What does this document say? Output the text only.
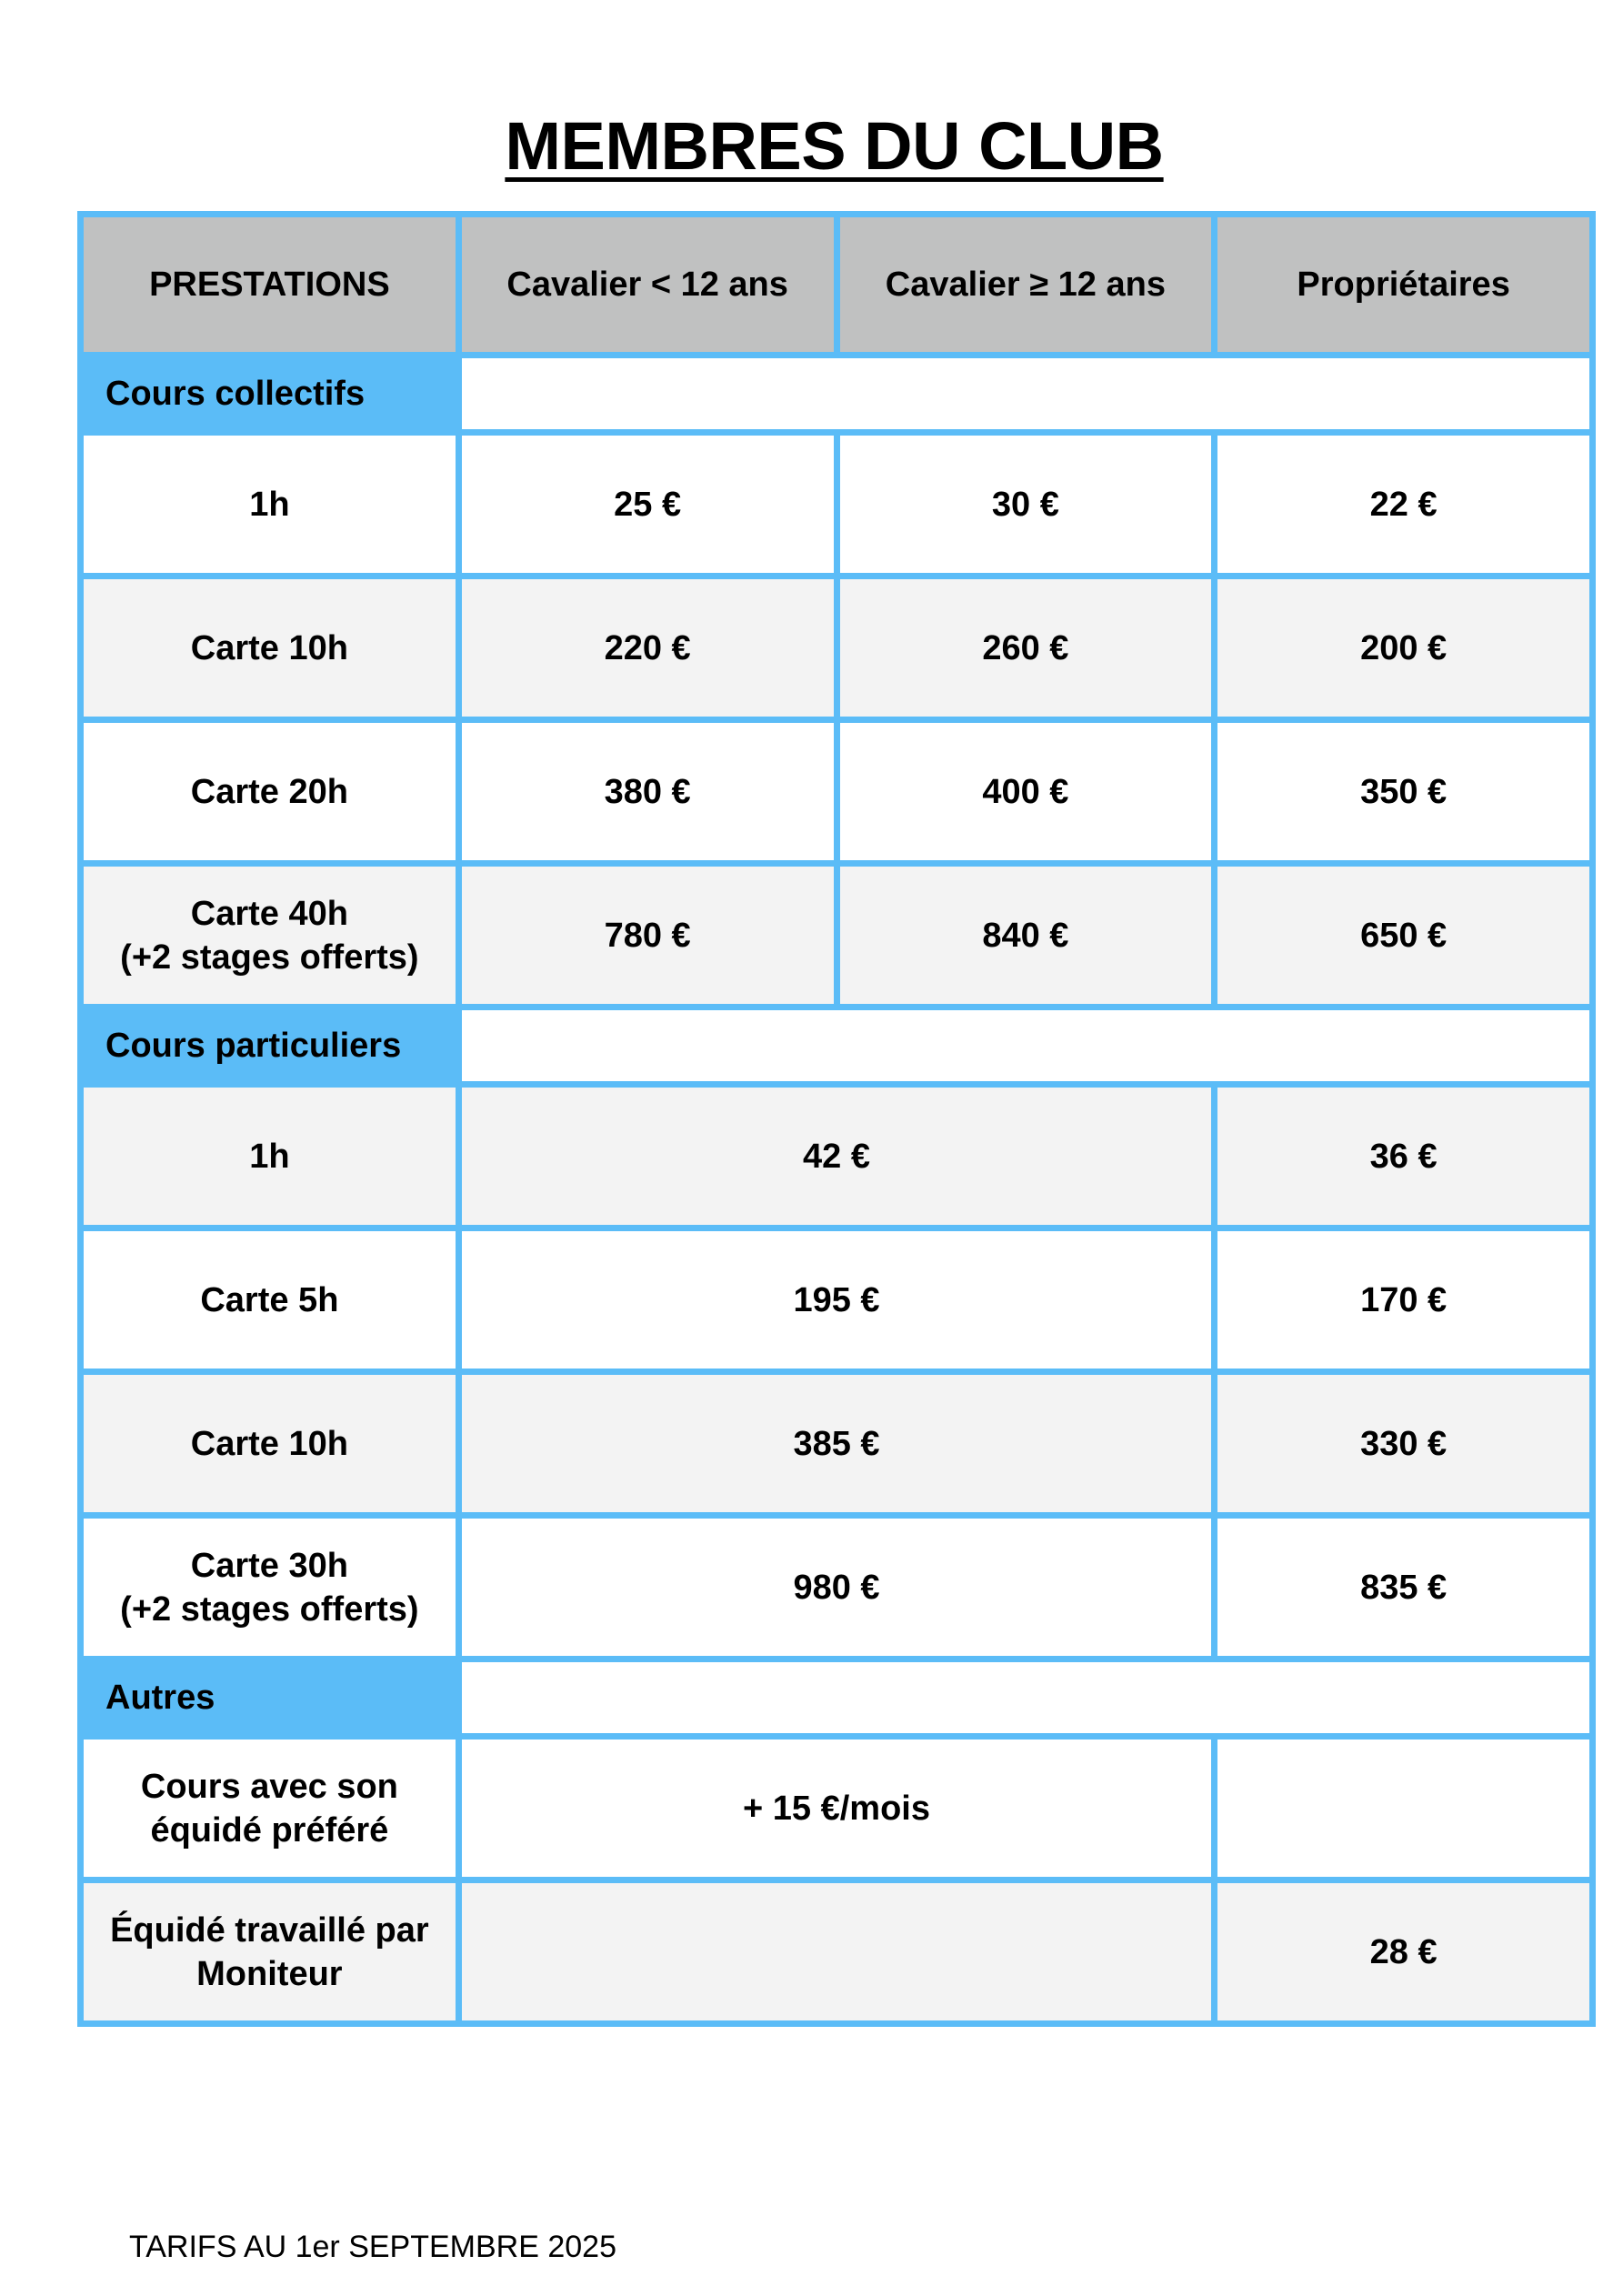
MEMBRES DU CLUB
PRESTATIONS	Cavalier < 12 ans	Cavalier ≥ 12 ans	Propriétaires
Cours collectifs			
1h	25 €	30 €	22 €
Carte 10h	220 €	260 €	200 €
Carte 20h	380 €	400 €	350 €
Carte 40h
(+2 stages offerts)	780 €	840 €	650 €
Cours particuliers			
1h	42 €		36 €
Carte 5h	195 €		170 €
Carte 10h	385 €		330 €
Carte 30h
(+2 stages offerts)	980 €		835 €
Autres			
Cours avec son
équidé préféré	+ 15 €/mois		
Équidé travaillé par
Moniteur			28 €
TARIFS AU 1er SEPTEMBRE 2025
